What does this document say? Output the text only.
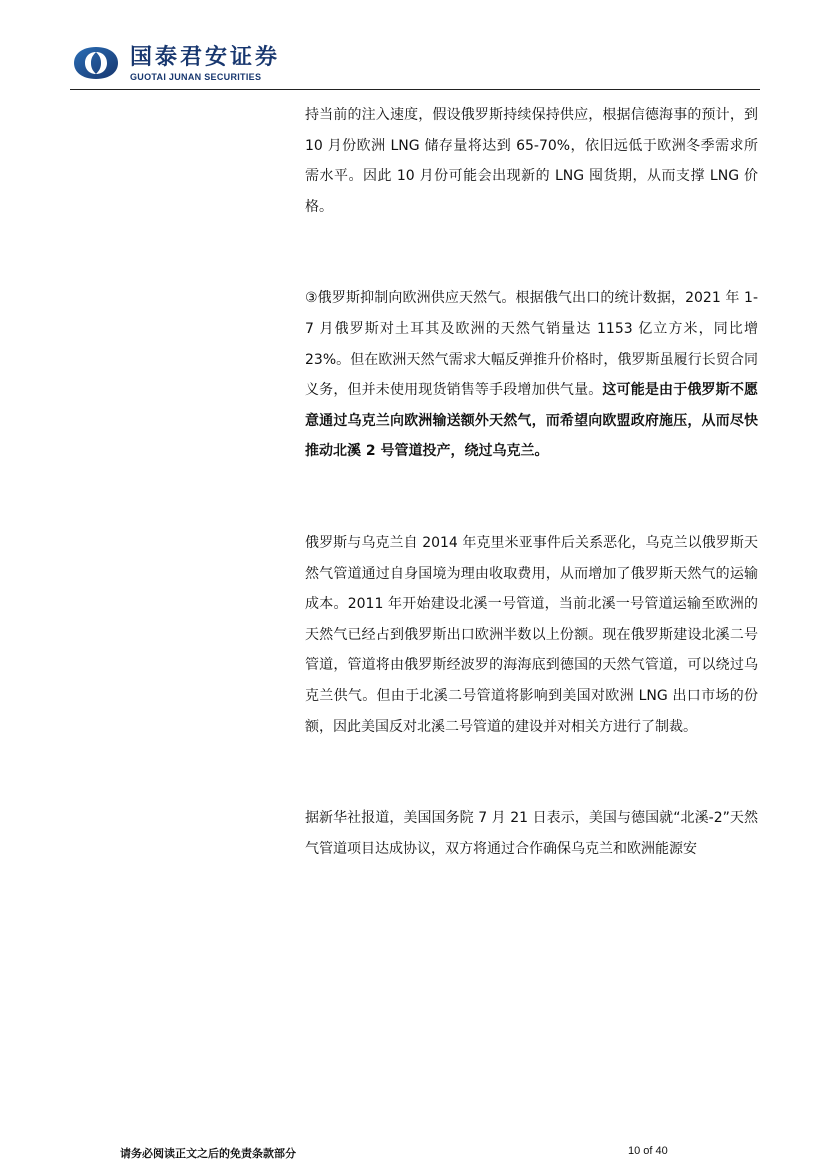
国泰君安证券
GUOTAI JUNAN SECURITIES

持当前的注入速度，假设俄罗斯持续保持供应，根据信德海事的预计，到 10 月份欧洲 LNG 储存量将达到 65-70%，依旧远低于欧洲冬季需求所需水平。因此 10 月份可能会出现新的 LNG 囤货期，从而支撑 LNG 价格。

③俄罗斯抑制向欧洲供应天然气。根据俄气出口的统计数据，2021 年 1-7 月俄罗斯对土耳其及欧洲的天然气销量达 1153 亿立方米，同比增 23%。但在欧洲天然气需求大幅反弹推升价格时，俄罗斯虽履行长贸合同义务，但并未使用现货销售等手段增加供气量。这可能是由于俄罗斯不愿意通过乌克兰向欧洲输送额外天然气，而希望向欧盟政府施压，从而尽快推动北溪 2 号管道投产，绕过乌克兰。

俄罗斯与乌克兰自 2014 年克里米亚事件后关系恶化，乌克兰以俄罗斯天然气管道通过自身国境为理由收取费用，从而增加了俄罗斯天然气的运输成本。2011 年开始建设北溪一号管道，当前北溪一号管道运输至欧洲的天然气已经占到俄罗斯出口欧洲半数以上份额。现在俄罗斯建设北溪二号管道，管道将由俄罗斯经波罗的海海底到德国的天然气管道，可以绕过乌克兰供气。但由于北溪二号管道将影响到美国对欧洲 LNG 出口市场的份额，因此美国反对北溪二号管道的建设并对相关方进行了制裁。

据新华社报道，美国国务院 7 月 21 日表示，美国与德国就“北溪-2”天然气管道项目达成协议，双方将通过合作确保乌克兰和欧洲能源安

请务必阅读正文之后的免责条款部分	10 of 40
